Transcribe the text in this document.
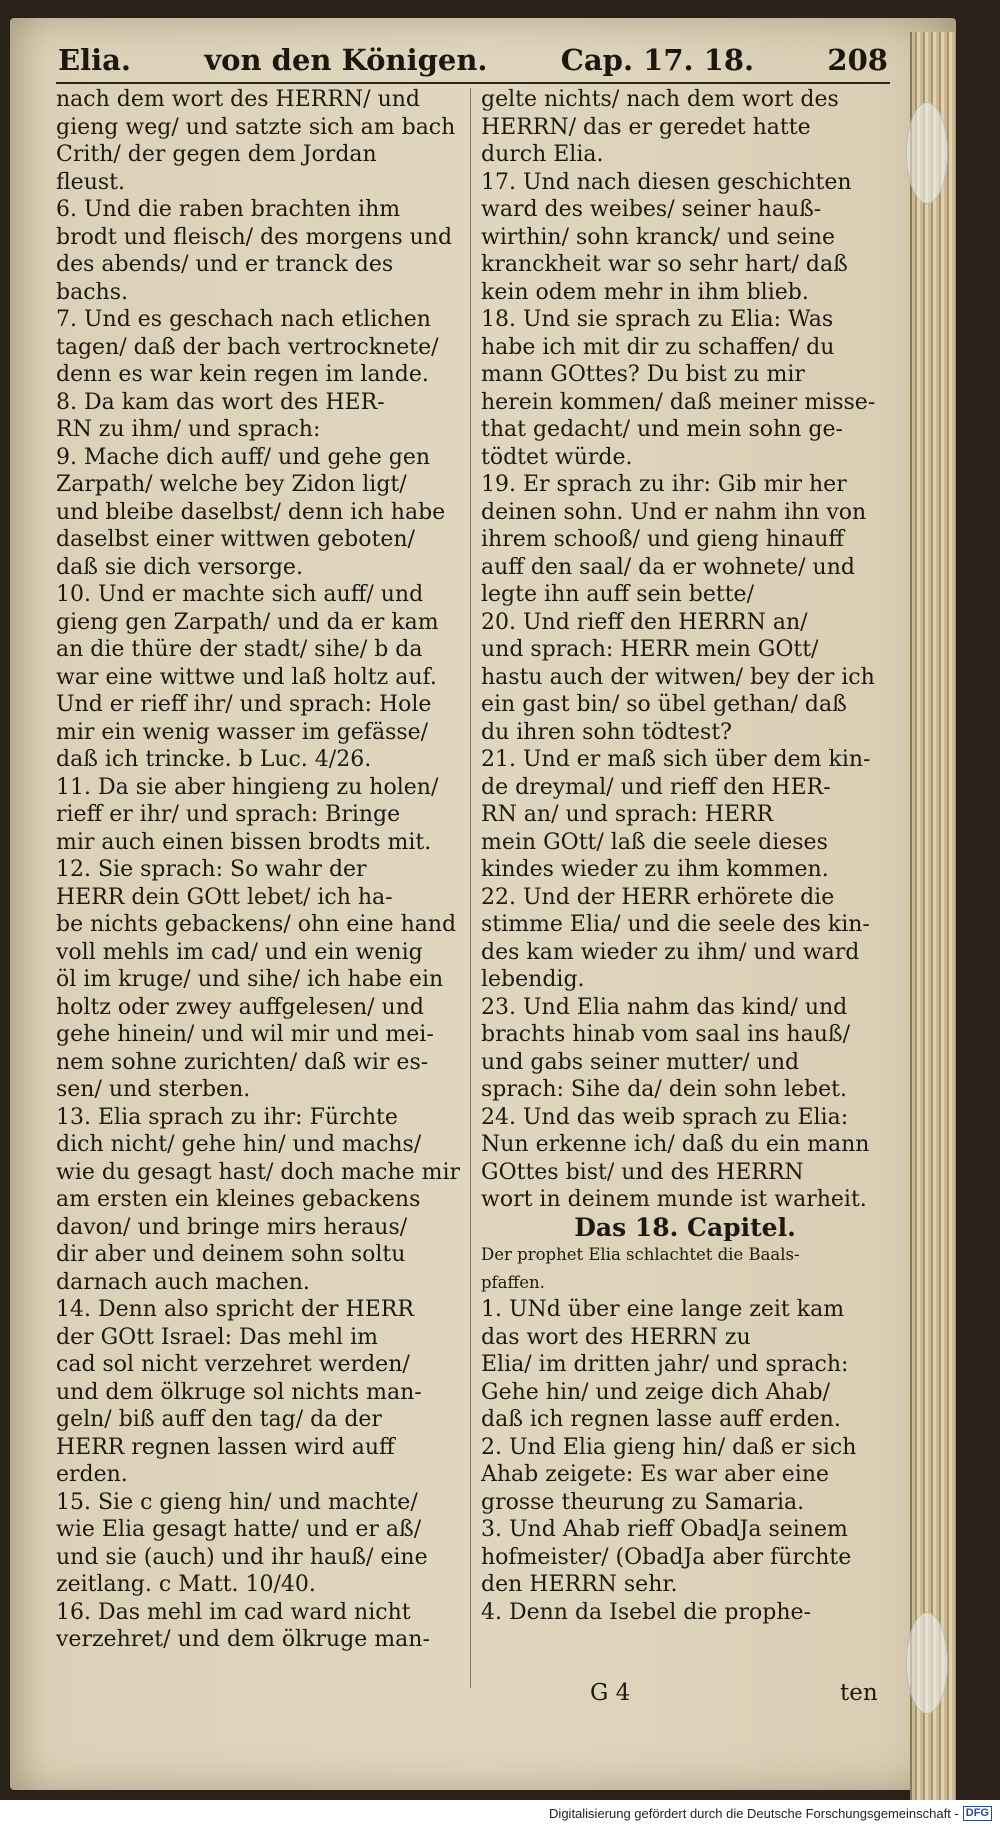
Elia.	von den Königen.	Cap. 17. 18.	208
nach dem wort des HERRN/ und
gieng weg/ und satzte sich am bach
Crith/ der gegen dem Jordan
fleust.
6. Und die raben brachten ihm
brodt und fleisch/ des morgens und
des abends/ und er tranck des
bachs.
7. Und es geschach nach etlichen
tagen/ daß der bach vertrocknete/
denn es war kein regen im lande.
8. Da kam das wort des HER-
RN zu ihm/ und sprach:
9. Mache dich auff/ und gehe gen
Zarpath/ welche bey Zidon ligt/
und bleibe daselbst/ denn ich habe
daselbst einer wittwen geboten/
daß sie dich versorge.
10. Und er machte sich auff/ und
gieng gen Zarpath/ und da er kam
an die thüre der stadt/ sihe/ b da
war eine wittwe und laß holtz auf.
Und er rieff ihr/ und sprach: Hole
mir ein wenig wasser im gefässe/
daß ich trincke. b Luc. 4/26.
11. Da sie aber hingieng zu holen/
rieff er ihr/ und sprach: Bringe
mir auch einen bissen brodts mit.
12. Sie sprach: So wahr der
HERR dein GOtt lebet/ ich ha-
be nichts gebackens/ ohn eine hand
voll mehls im cad/ und ein wenig
öl im kruge/ und sihe/ ich habe ein
holtz oder zwey auffgelesen/ und
gehe hinein/ und wil mir und mei-
nem sohne zurichten/ daß wir es-
sen/ und sterben.
13. Elia sprach zu ihr: Fürchte
dich nicht/ gehe hin/ und machs/
wie du gesagt hast/ doch mache mir
am ersten ein kleines gebackens
davon/ und bringe mirs heraus/
dir aber und deinem sohn soltu
darnach auch machen.
14. Denn also spricht der HERR
der GOtt Israel: Das mehl im
cad sol nicht verzehret werden/
und dem ölkruge sol nichts man-
geln/ biß auff den tag/ da der
HERR regnen lassen wird auff
erden.
15. Sie c gieng hin/ und machte/
wie Elia gesagt hatte/ und er aß/
und sie (auch) und ihr hauß/ eine
zeitlang. c Matt. 10/40.
16. Das mehl im cad ward nicht
verzehret/ und dem ölkruge man-
gelte nichts/ nach dem wort des
HERRN/ das er geredet hatte
durch Elia.
17. Und nach diesen geschichten
ward des weibes/ seiner hauß-
wirthin/ sohn kranck/ und seine
kranckheit war so sehr hart/ daß
kein odem mehr in ihm blieb.
18. Und sie sprach zu Elia: Was
habe ich mit dir zu schaffen/ du
mann GOttes? Du bist zu mir
herein kommen/ daß meiner misse-
that gedacht/ und mein sohn ge-
tödtet würde.
19. Er sprach zu ihr: Gib mir her
deinen sohn. Und er nahm ihn von
ihrem schooß/ und gieng hinauff
auff den saal/ da er wohnete/ und
legte ihn auff sein bette/
20. Und rieff den HERRN an/
und sprach: HERR mein GOtt/
hastu auch der witwen/ bey der ich
ein gast bin/ so übel gethan/ daß
du ihren sohn tödtest?
21. Und er maß sich über dem kin-
de dreymal/ und rieff den HER-
RN an/ und sprach: HERR
mein GOtt/ laß die seele dieses
kindes wieder zu ihm kommen.
22. Und der HERR erhörete die
stimme Elia/ und die seele des kin-
des kam wieder zu ihm/ und ward
lebendig.
23. Und Elia nahm das kind/ und
brachts hinab vom saal ins hauß/
und gabs seiner mutter/ und
sprach: Sihe da/ dein sohn lebet.
24. Und das weib sprach zu Elia:
Nun erkenne ich/ daß du ein mann
GOttes bist/ und des HERRN
wort in deinem munde ist warheit.
Das 18. Capitel.
Der prophet Elia schlachtet die Baals-
pfaffen.
1. UNd über eine lange zeit kam
das wort des HERRN zu
Elia/ im dritten jahr/ und sprach:
Gehe hin/ und zeige dich Ahab/
daß ich regnen lasse auff erden.
2. Und Elia gieng hin/ daß er sich
Ahab zeigete: Es war aber eine
grosse theurung zu Samaria.
3. Und Ahab rieff ObadJa seinem
hofmeister/ (ObadJa aber fürchte
den HERRN sehr.
4. Denn da Isebel die prophe-
G 4	ten
Digitalisierung gefördert durch die Deutsche Forschungsgemeinschaft - DFG
